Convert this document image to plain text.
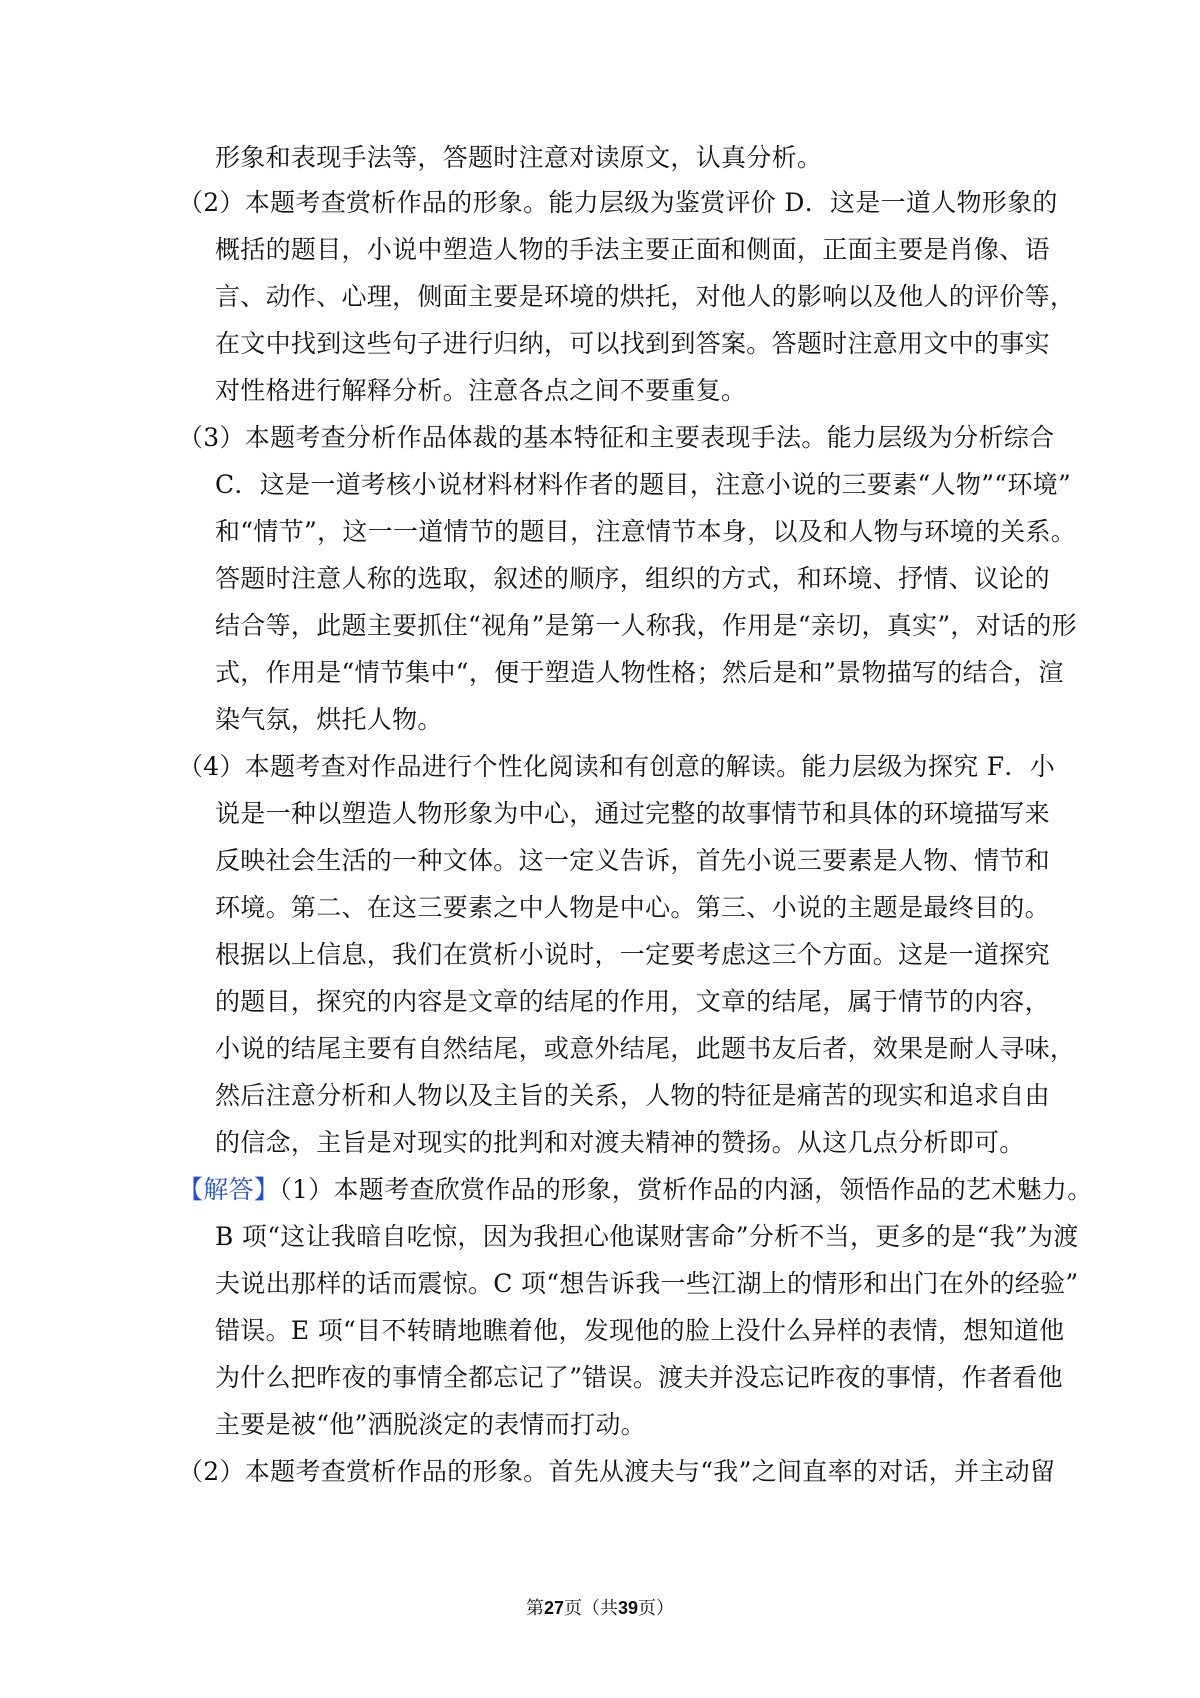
形象和表现手法等，答题时注意对读原文，认真分析。
（2）本题考查赏析作品的形象。能力层级为鉴赏评价 D．这是一道人物形象的
概括的题目，小说中塑造人物的手法主要正面和侧面，正面主要是肖像、语
言、动作、心理，侧面主要是环境的烘托，对他人的影响以及他人的评价等，
在文中找到这些句子进行归纳，可以找到到答案。答题时注意用文中的事实
对性格进行解释分析。注意各点之间不要重复。
（3）本题考查分析作品体裁的基本特征和主要表现手法。能力层级为分析综合
C．这是一道考核小说材料材料作者的题目，注意小说的三要素“人物”“环境”
和“情节”，这一一道情节的题目，注意情节本身，以及和人物与环境的关系。
答题时注意人称的选取，叙述的顺序，组织的方式，和环境、抒情、议论的
结合等，此题主要抓住“视角”是第一人称我，作用是“亲切，真实”，对话的形
式，作用是“情节集中“，便于塑造人物性格；然后是和”景物描写的结合，渲
染气氛，烘托人物。
（4）本题考查对作品进行个性化阅读和有创意的解读。能力层级为探究 F．小
说是一种以塑造人物形象为中心，通过完整的故事情节和具体的环境描写来
反映社会生活的一种文体。这一定义告诉，首先小说三要素是人物、情节和
环境。第二、在这三要素之中人物是中心。第三、小说的主题是最终目的。
根据以上信息，我们在赏析小说时，一定要考虑这三个方面。这是一道探究
的题目，探究的内容是文章的结尾的作用，文章的结尾，属于情节的内容，
小说的结尾主要有自然结尾，或意外结尾，此题书友后者，效果是耐人寻味，
然后注意分析和人物以及主旨的关系，人物的特征是痛苦的现实和追求自由
的信念，主旨是对现实的批判和对渡夫精神的赞扬。从这几点分析即可。
【解答】（1）本题考查欣赏作品的形象，赏析作品的内涵，领悟作品的艺术魅力。
B 项“这让我暗自吃惊，因为我担心他谋财害命”分析不当，更多的是“我”为渡
夫说出那样的话而震惊。C 项“想告诉我一些江湖上的情形和出门在外的经验”
错误。E 项“目不转睛地瞧着他，发现他的脸上没什么异样的表情，想知道他
为什么把昨夜的事情全都忘记了”错误。渡夫并没忘记昨夜的事情，作者看他
主要是被“他”洒脱淡定的表情而打动。
（2）本题考查赏析作品的形象。首先从渡夫与“我”之间直率的对话，并主动留
第27页（共39页）
